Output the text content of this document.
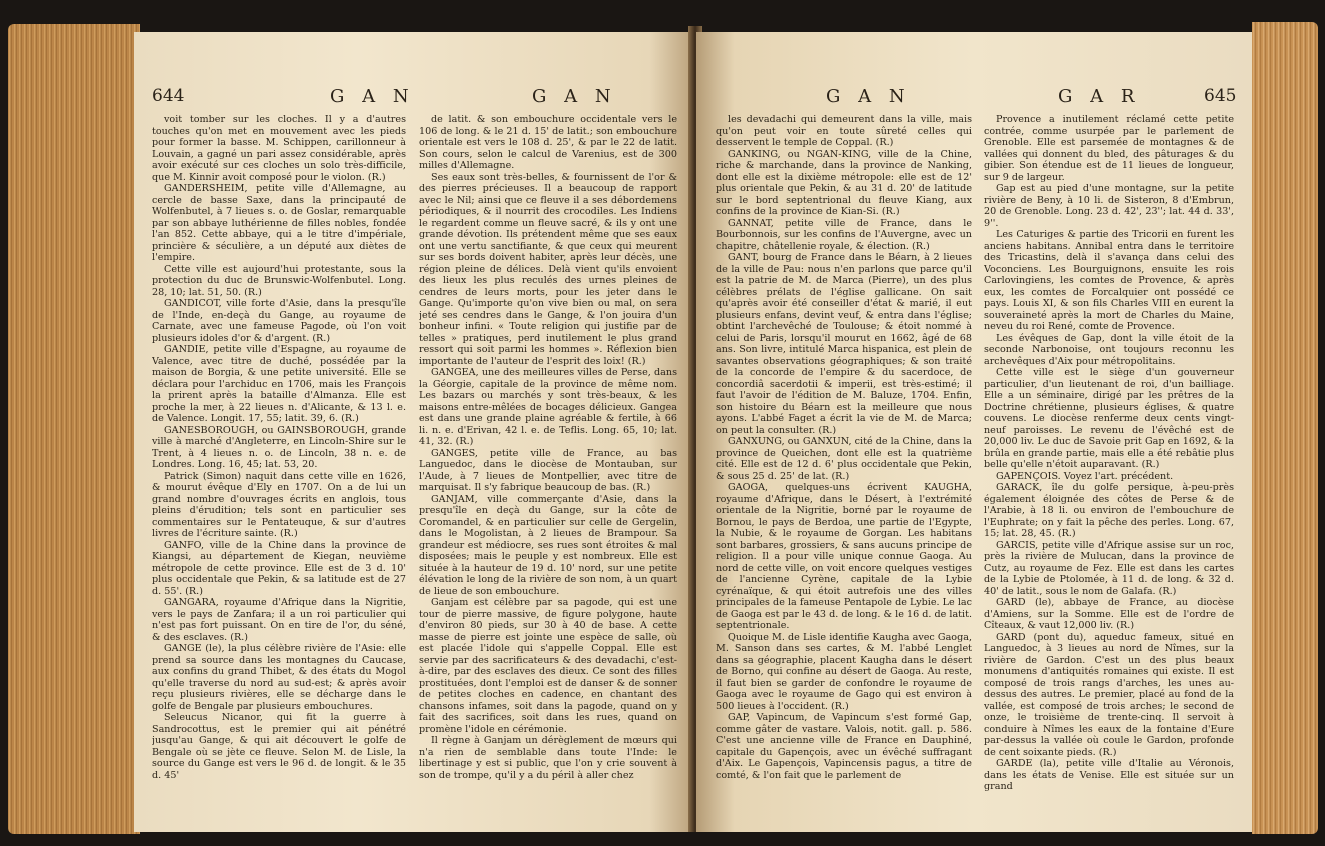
644	G A N	G A N

voit tomber sur les cloches. Il y a d'autres touches qu'on met en mouvement avec les pieds pour former la basse. M. Schippen, carillonneur à Louvain, a gagné un pari assez considérable, après avoir exécuté sur ces cloches un solo très-difficile, que M. Kinnir avoit composé pour le violon. (R.)

GANDERSHEIM, petite ville d'Allemagne, au cercle de basse Saxe, dans la principauté de Wolfenbutel, à 7 lieues s. o. de Goslar, remarquable par son abbaye luthérienne de filles nobles, fondée l'an 852. Cette abbaye, qui a le titre d'impériale, princière & séculière, a un député aux diètes de l'empire.

Cette ville est aujourd'hui protestante, sous la protection du duc de Brunswic-Wolfenbutel. Long. 28, 10; lat. 51, 50. (R.)

GANDICOT, ville forte d'Asie, dans la presqu'île de l'Inde, en-deçà du Gange, au royaume de Carnate, avec une fameuse Pagode, où l'on voit plusieurs idoles d'or & d'argent. (R.)

GANDIE, petite ville d'Espagne, au royaume de Valence, avec titre de duché, possédée par la maison de Borgia, & une petite université. Elle se déclara pour l'archiduc en 1706, mais les François la prirent après la bataille d'Almanza. Elle est proche la mer, à 22 lieues n. d'Alicante, & 13 l. e. de Valence. Longit. 17, 55; latit. 39, 6. (R.)

GANESBOROUGH, ou GAINSBOROUGH, grande ville à marché d'Angleterre, en Lincoln-Shire sur le Trent, à 4 lieues n. o. de Lincoln, 38 n. e. de Londres. Long. 16, 45; lat. 53, 20.

Patrick (Simon) naquit dans cette ville en 1626, & mourut évêque d'Ely en 1707. On a de lui un grand nombre d'ouvrages écrits en anglois, tous pleins d'érudition; tels sont en particulier ses commentaires sur le Pentateuque, & sur d'autres livres de l'écriture sainte. (R.)

GANFO, ville de la Chine dans la province de Kiangsi, au département de Kiegan, neuvième métropole de cette province. Elle est de 3 d. 10' plus occidentale que Pekin, & sa latitude est de 27 d. 55'. (R.)

GANGARA, royaume d'Afrique dans la Nigritie, vers le pays de Zanfara; il a un roi particulier qui n'est pas fort puissant. On en tire de l'or, du séné, & des esclaves. (R.)

GANGE (le), la plus célèbre rivière de l'Asie: elle prend sa source dans les montagnes du Caucase, aux confins du grand Thibet, & des états du Mogol qu'elle traverse du nord au sud-est; & après avoir reçu plusieurs rivières, elle se décharge dans le golfe de Bengale par plusieurs embouchures.

Seleucus Nicanor, qui fit la guerre à Sandrocottus, est le premier qui ait pénétré jusqu'au Gange, & qui ait découvert le golfe de Bengale où se jète ce fleuve. Selon M. de Lisle, la source du Gange est vers le 96 d. de longit. & le 35 d. 45'

de latit. & son embouchure occidentale vers le 106 de long. & le 21 d. 15' de latit.; son embouchure orientale est vers le 108 d. 25', & par le 22 de latit. Son cours, selon le calcul de Varenius, est de 300 milles d'Allemagne.

Ses eaux sont très-belles, & fournissent de l'or & des pierres précieuses. Il a beaucoup de rapport avec le Nil; ainsi que ce fleuve il a ses débordemens périodiques, & il nourrit des crocodiles. Les Indiens le regardent comme un fleuve sacré, & ils y ont une grande dévotion. Ils prétendent même que ses eaux ont une vertu sanctifiante, & que ceux qui meurent sur ses bords doivent habiter, après leur décès, une région pleine de délices. Delà vient qu'ils envoient des lieux les plus reculés des urnes pleines de cendres de leurs morts, pour les jeter dans le Gange. Qu'importe qu'on vive bien ou mal, on sera jeté ses cendres dans le Gange, & l'on jouira d'un bonheur infini. « Toute religion qui justifie par de telles » pratiques, perd inutilement le plus grand ressort qui soit parmi les hommes ». Réflexion bien importante de l'auteur de l'esprit des loix! (R.)

GANGEA, une des meilleures villes de Perse, dans la Géorgie, capitale de la province de même nom. Les bazars ou marchés y sont très-beaux, & les maisons entre-mêlées de bocages délicieux. Gangea est dans une grande plaine agréable & fertile, à 66 li. n. e. d'Erivan, 42 l. e. de Teflis. Long. 65, 10; lat. 41, 32. (R.)

GANGES, petite ville de France, au bas Languedoc, dans le diocèse de Montauban, sur l'Aude, à 7 lieues de Montpellier, avec titre de marquisat. Il s'y fabrique beaucoup de bas. (R.)

GANJAM, ville commerçante d'Asie, dans la presqu'île en deçà du Gange, sur la côte de Coromandel, & en particulier sur celle de Gergelin, dans le Mogolistan, à 2 lieues de Brampour. Sa grandeur est médiocre, ses rues sont étroites & mal disposées; mais le peuple y est nombreux. Elle est située à la hauteur de 19 d. 10' nord, sur une petite élévation le long de la rivière de son nom, à un quart de lieue de son embouchure.

Ganjam est célèbre par sa pagode, qui est une tour de pierre massive, de figure polygone, haute d'environ 80 pieds, sur 30 à 40 de base. A cette masse de pierre est jointe une espèce de salle, où est placée l'idole qui s'appelle Coppal. Elle est servie par des sacrificateurs & des devadachi, c'est-à-dire, par des esclaves des dieux. Ce sont des filles prostituées, dont l'emploi est de danser & de sonner de petites cloches en cadence, en chantant des chansons infames, soit dans la pagode, quand on y fait des sacrifices, soit dans les rues, quand on promène l'idole en cérémonie.

Il règne à Ganjam un dérèglement de mœurs qui n'a rien de semblable dans toute l'Inde: le libertinage y est si public, que l'on y crie souvent à son de trompe, qu'il y a du péril à aller chez

G A N	G A R	645

les devadachi qui demeurent dans la ville, mais qu'on peut voir en toute sûreté celles qui desservent le temple de Coppal. (R.)

GANKING, ou NGAN-KING, ville de la Chine, riche & marchande, dans la province de Nanking, dont elle est la dixième métropole: elle est de 12' plus orientale que Pekin, & au 31 d. 20' de latitude sur le bord septentrional du fleuve Kiang, aux confins de la province de Kian-Si. (R.)

GANNAT, petite ville de France, dans le Bourbonnois, sur les confins de l'Auvergne, avec un chapitre, châtellenie royale, & élection. (R.)

GANT, bourg de France dans le Béarn, à 2 lieues de la ville de Pau: nous n'en parlons que parce qu'il est la patrie de M. de Marca (Pierre), un des plus célèbres prélats de l'église gallicane. On sait qu'après avoir été conseiller d'état & marié, il eut plusieurs enfans, devint veuf, & entra dans l'église; obtint l'archevêché de Toulouse; & étoit nommé à celui de Paris, lorsqu'il mourut en 1662, âgé de 68 ans. Son livre, intitulé Marca hispanica, est plein de savantes observations géographiques; & son traité de la concorde de l'empire & du sacerdoce, de concordiâ sacerdotii & imperii, est très-estimé; il faut l'avoir de l'édition de M. Baluze, 1704. Enfin, son histoire du Béarn est la meilleure que nous ayons. L'abbé Faget a écrit la vie de M. de Marca; on peut la consulter. (R.)

GANXUNG, ou GANXUN, cité de la Chine, dans la province de Queichen, dont elle est la quatrième cité. Elle est de 12 d. 6' plus occidentale que Pekin, & sous 25 d. 25' de lat. (R.)

GAOGA, quelques-uns écrivent KAUGHA, royaume d'Afrique, dans le Désert, à l'extrémité orientale de la Nigritie, borné par le royaume de Bornou, le pays de Berdoa, une partie de l'Egypte, la Nubie, & le royaume de Gorgan. Les habitans sont barbares, grossiers, & sans aucuns principe de religion. Il a pour ville unique connue Gaoga. Au nord de cette ville, on voit encore quelques vestiges de l'ancienne Cyrène, capitale de la Lybie cyrénaïque, & qui étoit autrefois une des villes principales de la fameuse Pentapole de Lybie. Le lac de Gaoga est par le 43 d. de long. & le 16 d. de latit. septentrionale.

Quoique M. de Lisle identifie Kaugha avec Gaoga, M. Sanson dans ses cartes, & M. l'abbé Lenglet dans sa géographie, placent Kaugha dans le désert de Borno, qui confine au désert de Gaoga. Au reste, il faut bien se garder de confondre le royaume de Gaoga avec le royaume de Gago qui est environ à 500 lieues à l'occident. (R.)

GAP, Vapincum, de Vapincum s'est formé Gap, comme gâter de vastare. Valois, notit. gall. p. 586. C'est une ancienne ville de France en Dauphiné, capitale du Gapençois, avec un évêché suffragant d'Aix. Le Gapençois, Vapincensis pagus, a titre de comté, & l'on fait que le parlement de

Provence a inutilement réclamé cette petite contrée, comme usurpée par le parlement de Grenoble. Elle est parsemée de montagnes & de vallées qui donnent du bled, des pâturages & du gibier. Son étendue est de 11 lieues de longueur, sur 9 de largeur.

Gap est au pied d'une montagne, sur la petite rivière de Beny, à 10 li. de Sisteron, 8 d'Embrun, 20 de Grenoble. Long. 23 d. 42', 23''; lat. 44 d. 33', 9''.

Les Caturiges & partie des Tricorii en furent les anciens habitans. Annibal entra dans le territoire des Tricastins, delà il s'avança dans celui des Voconciens. Les Bourguignons, ensuite les rois Carlovingiens, les comtes de Provence, & après eux, les comtes de Forcalquier ont possédé ce pays. Louis XI, & son fils Charles VIII en eurent la souveraineté après la mort de Charles du Maine, neveu du roi René, comte de Provence.

Les évêques de Gap, dont la ville étoit de la seconde Narbonoise, ont toujours reconnu les archevêques d'Aix pour métropolitains.

Cette ville est le siège d'un gouverneur particulier, d'un lieutenant de roi, d'un bailliage. Elle a un séminaire, dirigé par les prêtres de la Doctrine chrétienne, plusieurs églises, & quatre couvens. Le diocèse renferme deux cents vingt-neuf paroisses. Le revenu de l'évêché est de 20,000 liv. Le duc de Savoie prit Gap en 1692, & la brûla en grande partie, mais elle a été rebâtie plus belle qu'elle n'étoit auparavant. (R.)

GAPENÇOIS. Voyez l'art. précédent.

GARACK, île du golfe persique, à-peu-près également éloignée des côtes de Perse & de l'Arabie, à 18 li. ou environ de l'embouchure de l'Euphrate; on y fait la pêche des perles. Long. 67, 15; lat. 28, 45. (R.)

GARCIS, petite ville d'Afrique assise sur un roc, près la rivière de Mulucan, dans la province de Cutz, au royaume de Fez. Elle est dans les cartes de la Lybie de Ptolomée, à 11 d. de long. & 32 d. 40' de latit., sous le nom de Galafa. (R.)

GARD (le), abbaye de France, au diocèse d'Amiens, sur la Somme. Elle est de l'ordre de Cîteaux, & vaut 12,000 liv. (R.)

GARD (pont du), aqueduc fameux, situé en Languedoc, à 3 lieues au nord de Nîmes, sur la rivière de Gardon. C'est un des plus beaux monumens d'antiquités romaines qui existe. Il est composé de trois rangs d'arches, les unes au-dessus des autres. Le premier, placé au fond de la vallée, est composé de trois arches; le second de onze, le troisième de trente-cinq. Il servoit à conduire à Nîmes les eaux de la fontaine d'Eure par-dessus la vallée où coule le Gardon, profonde de cent soixante pieds. (R.)

GARDE (la), petite ville d'Italie au Véronois, dans les états de Venise. Elle est située sur un grand
